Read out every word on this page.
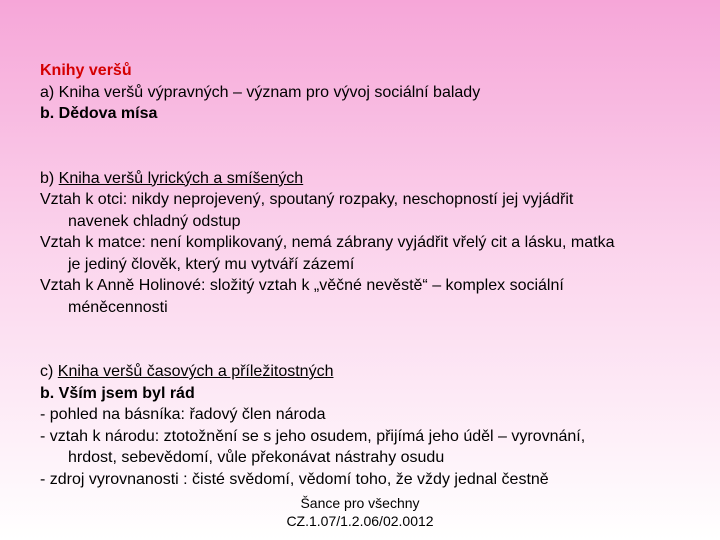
Knihy veršů
a) Kniha veršů výpravných – význam pro vývoj sociální balady
b. Dědova mísa
b) Kniha veršů lyrických a smíšených
Vztah k otci: nikdy neprojevený, spoutaný rozpaky, neschopností jej vyjádřit
navenek chladný odstup
Vztah k matce: není komplikovaný, nemá zábrany vyjádřit vřelý cit a lásku, matka
je jediný člověk, který mu vytváří zázemí
Vztah k Anně Holinové: složitý vztah k „věčné nevěstě“ – komplex sociální
méněcennosti
c) Kniha veršů časových a příležitostných
b. Vším jsem byl rád
- pohled na básníka: řadový člen národa
- vztah k národu: ztotožnění se s jeho osudem, přijímá jeho úděl – vyrovnání,
hrdost, sebevědomí, vůle překonávat nástrahy osudu
- zdroj vyrovnanosti : čisté svědomí, vědomí toho, že vždy jednal čestně
Šance pro všechny
CZ.1.07/1.2.06/02.0012
